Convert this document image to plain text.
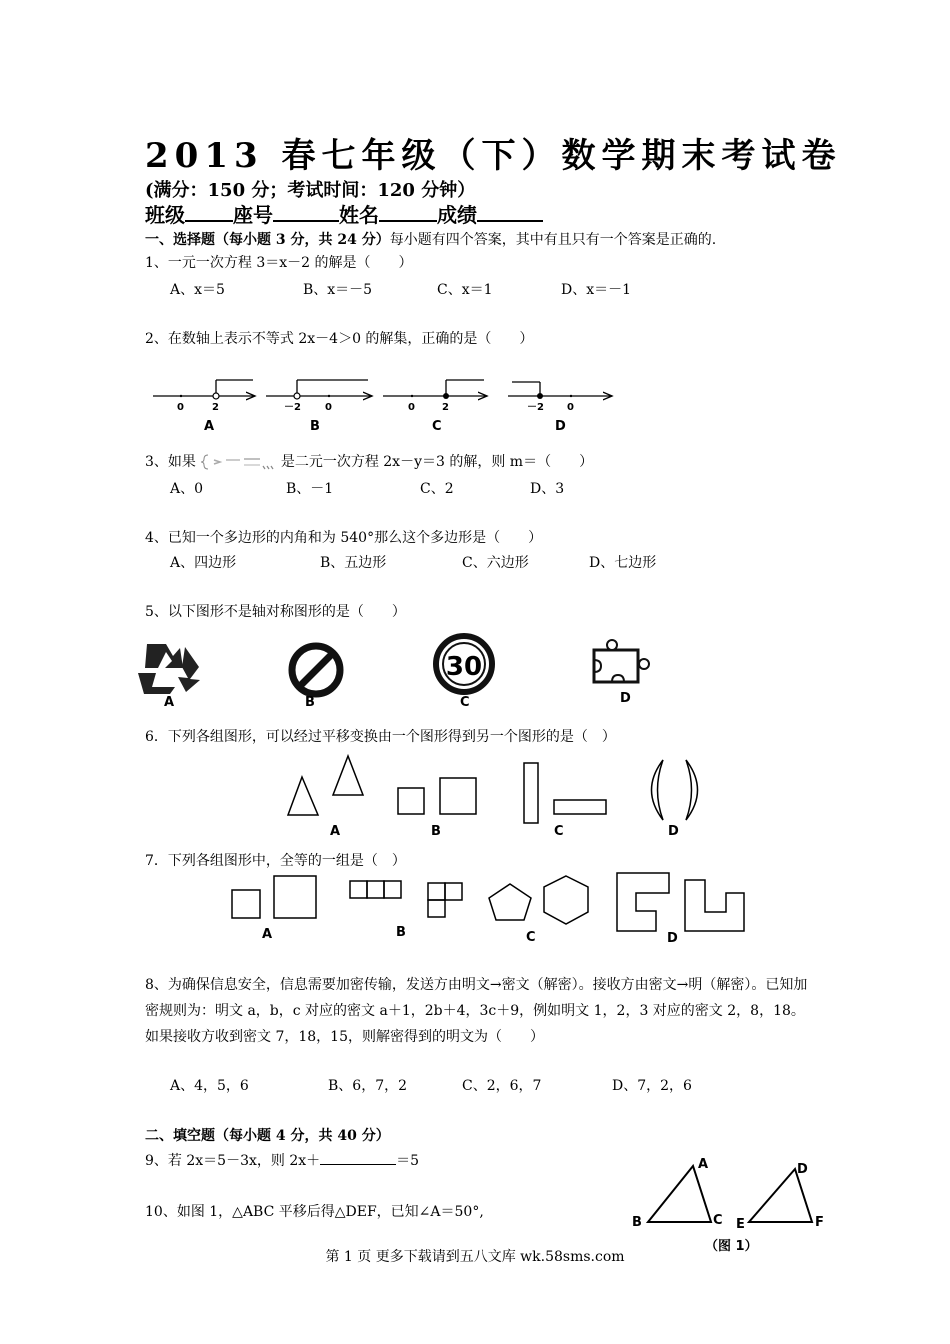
2013 春七年级（下）数学期末考试卷
(满分：150 分；考试时间：120 分钟）
班级 座号	姓名	成绩
一、选择题（每小题 3 分，共 24 分）每小题有四个答案，其中有且只有一个答案是正确的.
1、一元一次方程 3＝x－2 的解是（　　）
A、x＝5	B、x＝－5	C、x＝1	D、x＝－1
2、在数轴上表示不等式 2x－4＞0 的解集，正确的是（　　）
0	2
A
－2 0
B
0	2
C
－2 0
D
3、如果	是二元一次方程 2x－y＝3 的解，则 m＝（　　）
A、0	B、－1	C、2	D、3
4、已知一个多边形的内角和为 540°那么这个多边形是（　　）
A、四边形	B、五边形	C、六边形	D、七边形
5、以下图形不是轴对称图形的是（　　）
A	B
30
C	D
6．下列各组图形，可以经过平移变换由一个图形得到另一个图形的是（　）
A	B	C	D
7．下列各组图形中，全等的一组是（　）
A	B	C	D
8、为确保信息安全，信息需要加密传输，发送方由明文→密文（解密）。接收方由密文→明（解密）。已知加密规则为：明文 a，b，c 对应的密文 a＋1，2b＋4，3c＋9，例如明文 1，2，3 对应的密文 2，8，18。如果接收方收到密文 7，18，15，则解密得到的明文为（　　）
A、4，5，6	B、6，7，2	C、2，6，7	D、7，2，6
二、填空题（每小题 4 分，共 40 分）
9、若 2x＝5－3x，则 2x＋	＝5
10、如图 1，△ABC 平移后得△DEF，已知∠A＝50°,
A
B	C
D
E	F
（图 1）
第 1 页 更多下载请到五八文库 wk.58sms.com
